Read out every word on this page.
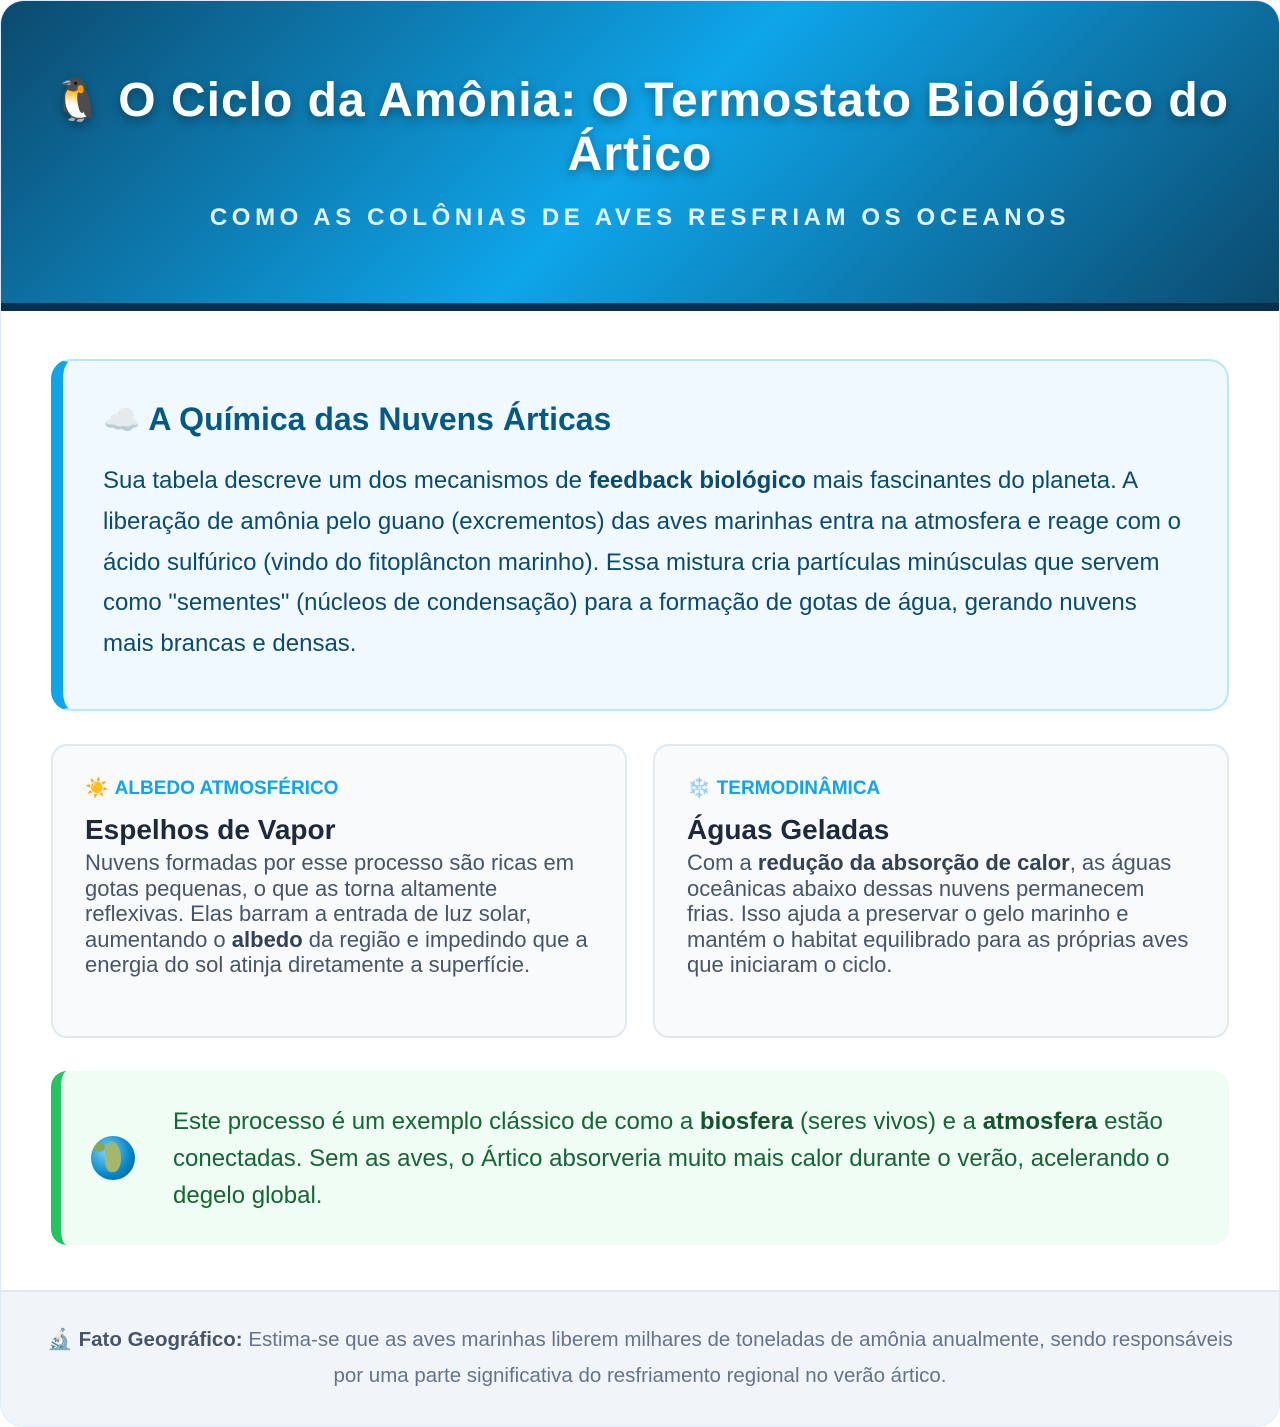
🐧 O Ciclo da Amônia: O Termostato Biológico do Ártico
COMO AS COLÔNIAS DE AVES RESFRIAM OS OCEANOS
☁️ A Química das Nuvens Árticas

Sua tabela descreve um dos mecanismos de feedback biológico mais fascinantes do planeta. A liberação de amônia pelo guano (excrementos) das aves marinhas entra na atmosfera e reage com o ácido sulfúrico (vindo do fitoplâncton marinho). Essa mistura cria partículas minúsculas que servem como "sementes" (núcleos de condensação) para a formação de gotas de água, gerando nuvens mais brancas e densas.

☀️ ALBEDO ATMOSFÉRICO
Espelhos de Vapor

Nuvens formadas por esse processo são ricas em gotas pequenas, o que as torna altamente reflexivas. Elas barram a entrada de luz solar, aumentando o albedo da região e impedindo que a energia do sol atinja diretamente a superfície.

❄️ TERMODINÂMICA
Águas Geladas

Com a redução da absorção de calor, as águas oceânicas abaixo dessas nuvens permanecem frias. Isso ajuda a preservar o gelo marinho e mantém o habitat equilibrado para as próprias aves que iniciaram o ciclo.

Este processo é um exemplo clássico de como a biosfera (seres vivos) e a atmosfera estão conectadas. Sem as aves, o Ártico absorveria muito mais calor durante o verão, acelerando o degelo global.

🔬 Fato Geográfico: Estima-se que as aves marinhas liberem milhares de toneladas de amônia anualmente, sendo responsáveis por uma parte significativa do resfriamento regional no verão ártico.
